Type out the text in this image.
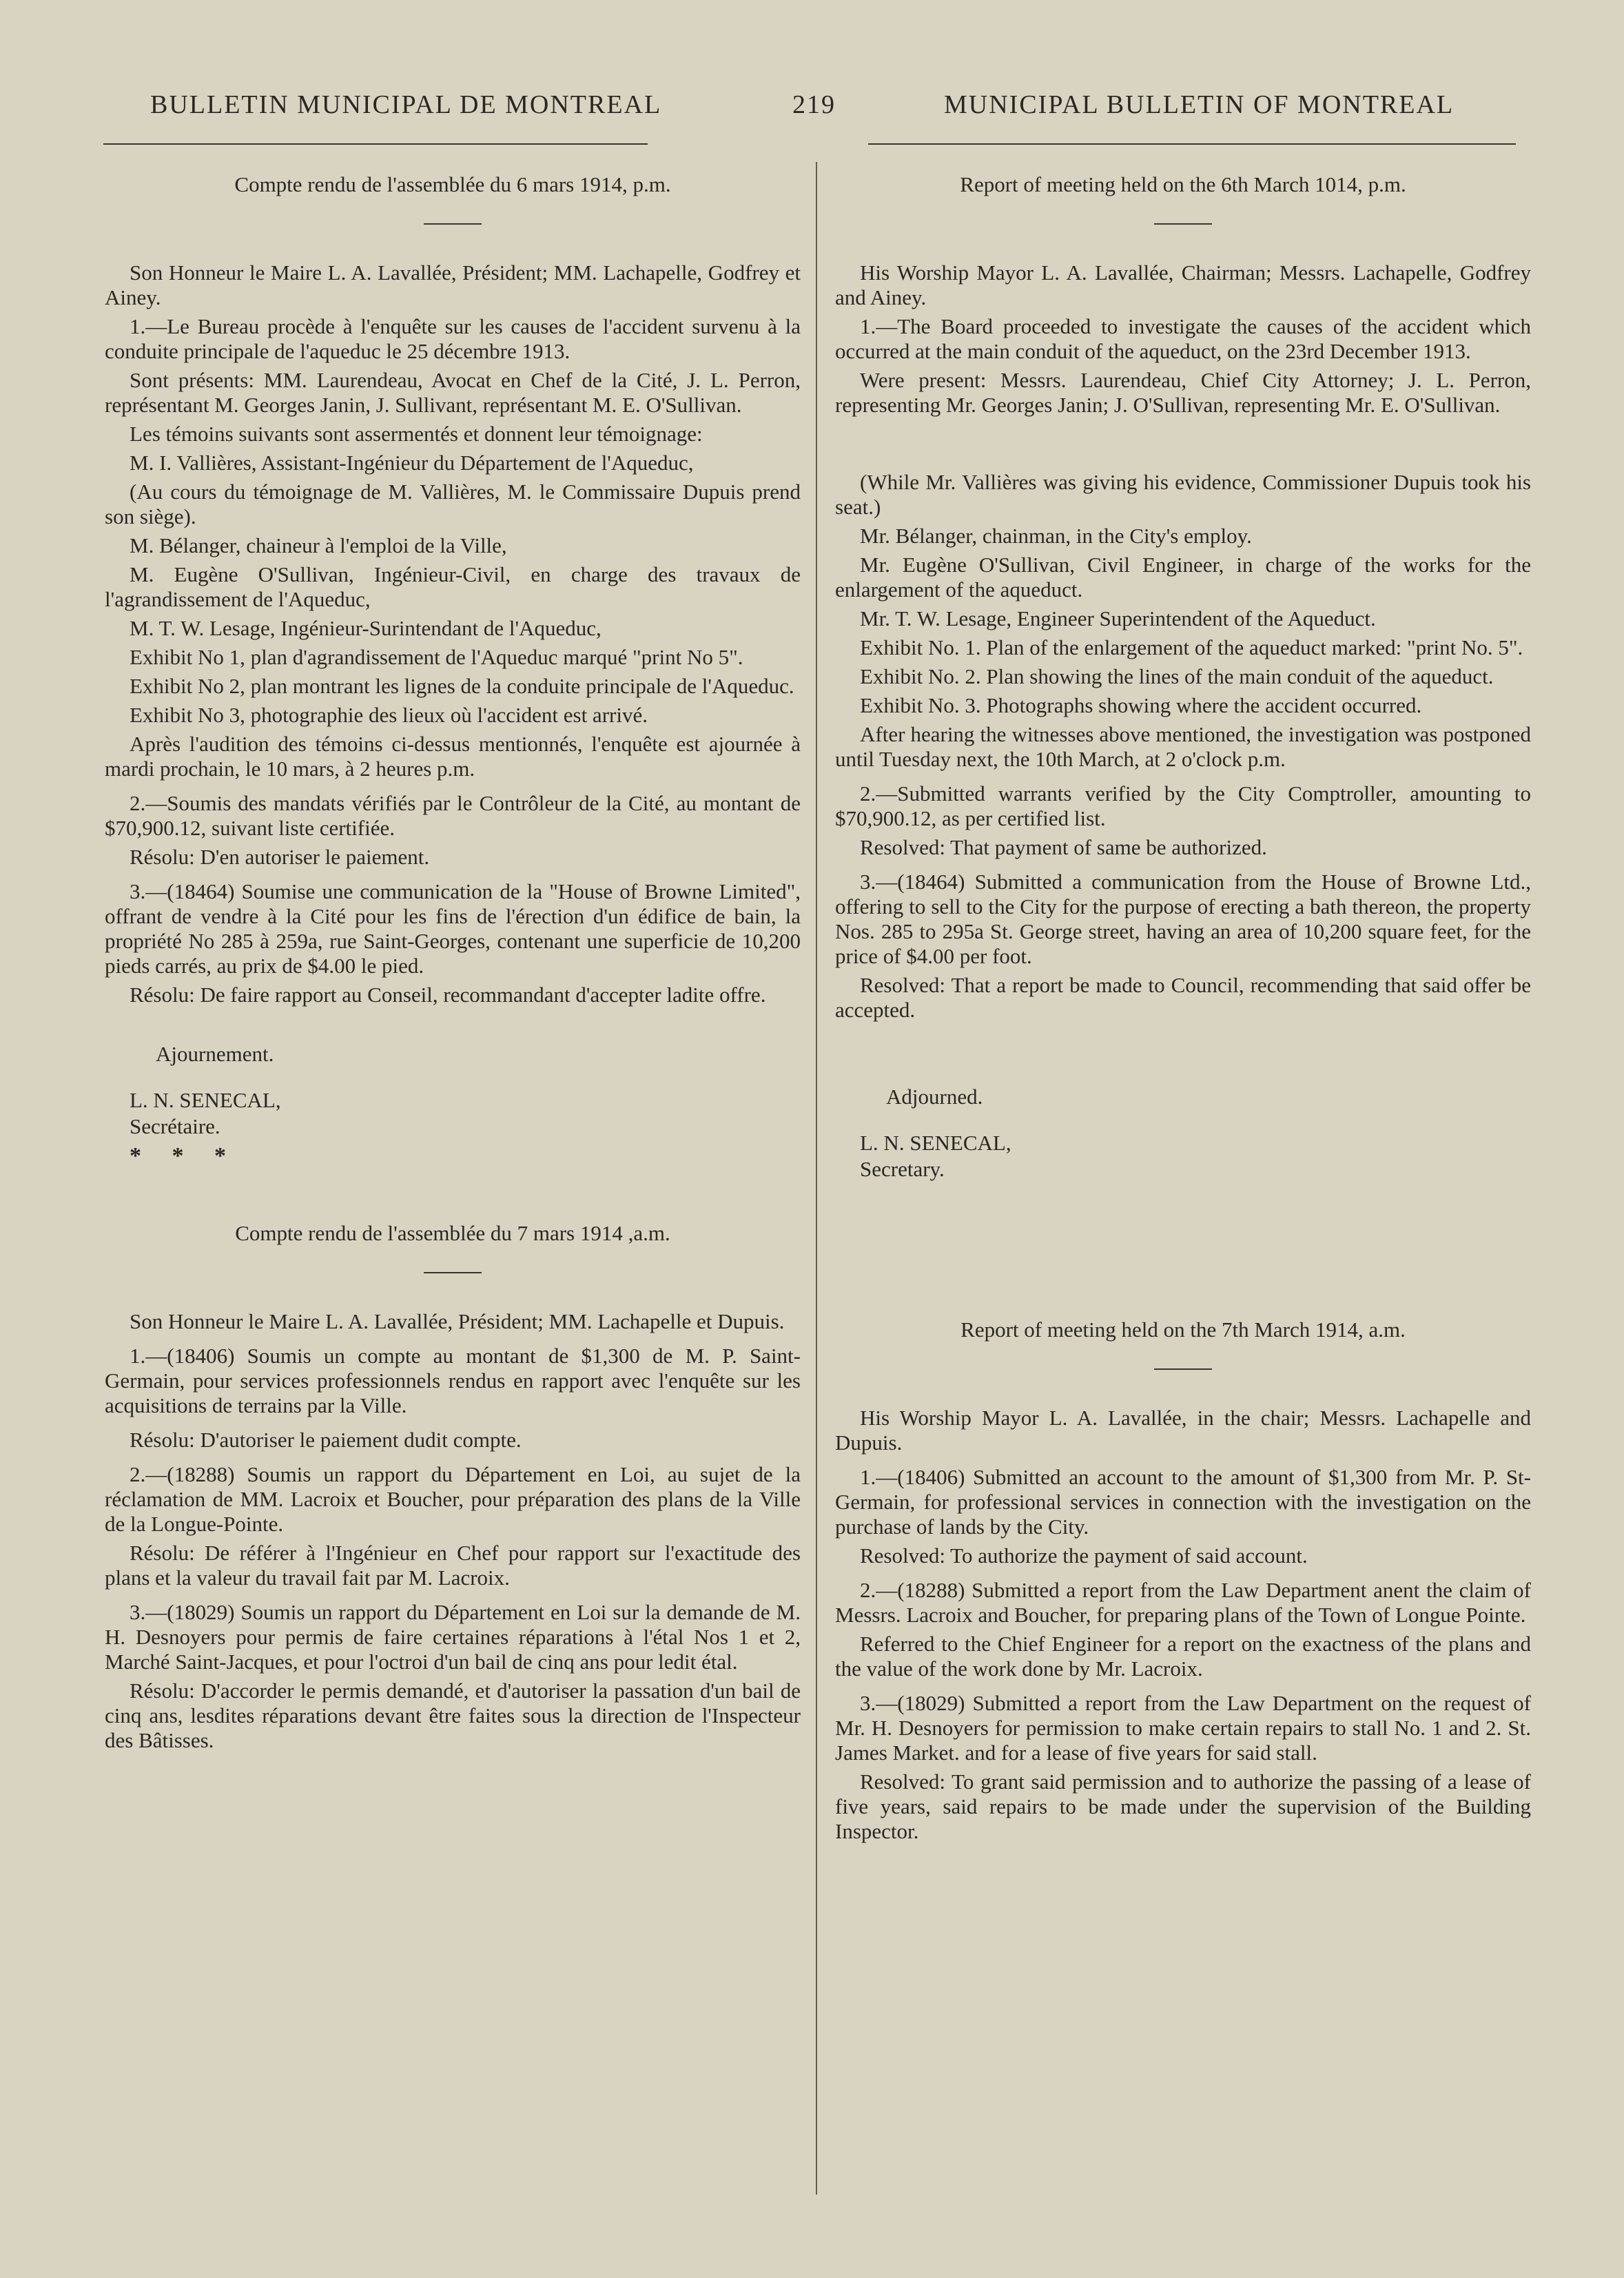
BULLETIN MUNICIPAL DE MONTREAL	219	MUNICIPAL BULLETIN OF MONTREAL

Compte rendu de l'assemblée du 6 mars 1914, p.m.

Son Honneur le Maire L. A. Lavallée, Président; MM. Lachapelle, Godfrey et Ainey.

1.—Le Bureau procède à l'enquête sur les causes de l'accident survenu à la conduite principale de l'aqueduc le 25 décembre 1913.

Sont présents: MM. Laurendeau, Avocat en Chef de la Cité, J. L. Perron, représentant M. Georges Janin, J. Sullivant, représentant M. E. O'Sullivan.

Les témoins suivants sont assermentés et donnent leur témoignage:

M. I. Vallières, Assistant-Ingénieur du Département de l'Aqueduc,

(Au cours du témoignage de M. Vallières, M. le Commissaire Dupuis prend son siège).

M. Bélanger, chaineur à l'emploi de la Ville,

M. Eugène O'Sullivan, Ingénieur-Civil, en charge des travaux de l'agrandissement de l'Aqueduc,

M. T. W. Lesage, Ingénieur-Surintendant de l'Aqueduc,

Exhibit No 1, plan d'agrandissement de l'Aqueduc marqué "print No 5".

Exhibit No 2, plan montrant les lignes de la conduite principale de l'Aqueduc.

Exhibit No 3, photographie des lieux où l'accident est arrivé.

Après l'audition des témoins ci-dessus mentionnés, l'enquête est ajournée à mardi prochain, le 10 mars, à 2 heures p.m.

2.—Soumis des mandats vérifiés par le Contrôleur de la Cité, au montant de $70,900.12, suivant liste certifiée.

Résolu: D'en autoriser le paiement.

3.—(18464) Soumise une communication de la "House of Browne Limited", offrant de vendre à la Cité pour les fins de l'érection d'un édifice de bain, la propriété No 285 à 259a, rue Saint-Georges, contenant une superficie de 10,200 pieds carrés, au prix de $4.00 le pied.

Résolu: De faire rapport au Conseil, recommandant d'accepter ladite offre.

Ajournement.

L. N. SENECAL,
Secrétaire.

* * *

Compte rendu de l'assemblée du 7 mars 1914 ,a.m.

Son Honneur le Maire L. A. Lavallée, Président; MM. Lachapelle et Dupuis.

1.—(18406) Soumis un compte au montant de $1,300 de M. P. Saint-Germain, pour services professionnels rendus en rapport avec l'enquête sur les acquisitions de terrains par la Ville.

Résolu: D'autoriser le paiement dudit compte.

2.—(18288) Soumis un rapport du Département en Loi, au sujet de la réclamation de MM. Lacroix et Boucher, pour préparation des plans de la Ville de la Longue-Pointe.

Résolu: De référer à l'Ingénieur en Chef pour rapport sur l'exactitude des plans et la valeur du travail fait par M. Lacroix.

3.—(18029) Soumis un rapport du Département en Loi sur la demande de M. H. Desnoyers pour permis de faire certaines réparations à l'étal Nos 1 et 2, Marché Saint-Jacques, et pour l'octroi d'un bail de cinq ans pour ledit étal.

Résolu: D'accorder le permis demandé, et d'autoriser la passation d'un bail de cinq ans, lesdites réparations devant être faites sous la direction de l'Inspecteur des Bâtisses.

Report of meeting held on the 6th March 1014, p.m.

His Worship Mayor L. A. Lavallée, Chairman; Messrs. Lachapelle, Godfrey and Ainey.

1.—The Board proceeded to investigate the causes of the accident which occurred at the main conduit of the aqueduct, on the 23rd December 1913.

Were present: Messrs. Laurendeau, Chief City Attorney; J. L. Perron, representing Mr. Georges Janin; J. O'Sullivan, representing Mr. E. O'Sullivan.

(While Mr. Vallières was giving his evidence, Commissioner Dupuis took his seat.)

Mr. Bélanger, chainman, in the City's employ.

Mr. Eugène O'Sullivan, Civil Engineer, in charge of the works for the enlargement of the aqueduct.

Mr. T. W. Lesage, Engineer Superintendent of the Aqueduct.

Exhibit No. 1. Plan of the enlargement of the aqueduct marked: "print No. 5".

Exhibit No. 2. Plan showing the lines of the main conduit of the aqueduct.

Exhibit No. 3. Photographs showing where the accident occurred.

After hearing the witnesses above mentioned, the investigation was postponed until Tuesday next, the 10th March, at 2 o'clock p.m.

2.—Submitted warrants verified by the City Comptroller, amounting to $70,900.12, as per certified list.

Resolved: That payment of same be authorized.

3.—(18464) Submitted a communication from the House of Browne Ltd., offering to sell to the City for the purpose of erecting a bath thereon, the property Nos. 285 to 295a St. George street, having an area of 10,200 square feet, for the price of $4.00 per foot.

Resolved: That a report be made to Council, recommending that said offer be accepted.

Adjourned.

L. N. SENECAL,
Secretary.

Report of meeting held on the 7th March 1914, a.m.

His Worship Mayor L. A. Lavallée, in the chair; Messrs. Lachapelle and Dupuis.

1.—(18406) Submitted an account to the amount of $1,300 from Mr. P. St-Germain, for professional services in connection with the investigation on the purchase of lands by the City.

Resolved: To authorize the payment of said account.

2.—(18288) Submitted a report from the Law Department anent the claim of Messrs. Lacroix and Boucher, for preparing plans of the Town of Longue Pointe.

Referred to the Chief Engineer for a report on the exactness of the plans and the value of the work done by Mr. Lacroix.

3.—(18029) Submitted a report from the Law Department on the request of Mr. H. Desnoyers for permission to make certain repairs to stall No. 1 and 2. St. James Market. and for a lease of five years for said stall.

Resolved: To grant said permission and to authorize the passing of a lease of five years, said repairs to be made under the supervision of the Building Inspector.
